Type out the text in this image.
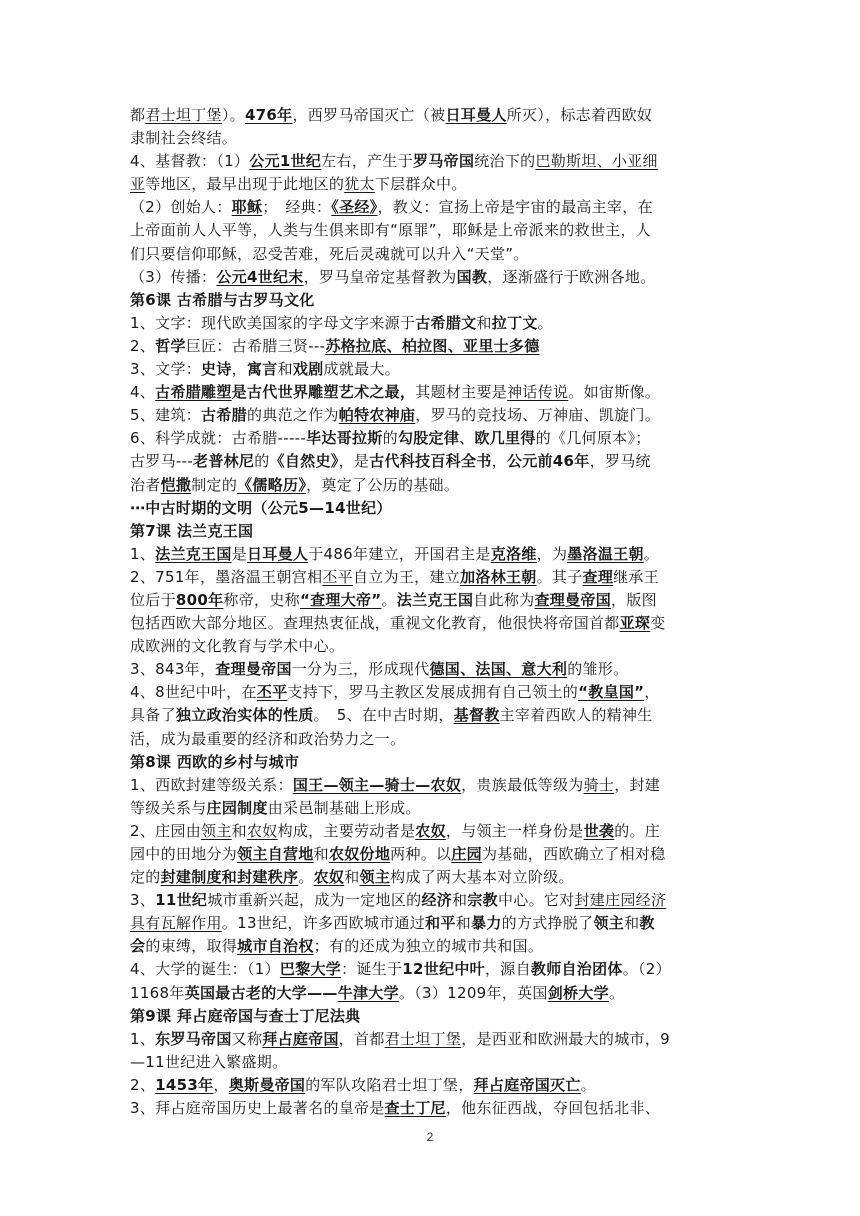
都君士坦丁堡）。476年，西罗马帝国灭亡（被日耳曼人所灭），标志着西欧奴
隶制社会终结。
4、基督教：（1）公元1世纪左右，产生于罗马帝国统治下的巴勒斯坦、小亚细
亚等地区，最早出现于此地区的犹太下层群众中。
（2）创始人：耶稣；　经典：《圣经》，教义：宣扬上帝是宇宙的最高主宰，在
上帝面前人人平等，人类与生俱来即有“原罪”，耶稣是上帝派来的救世主，人
们只要信仰耶稣，忍受苦难，死后灵魂就可以升入“天堂”。
（3）传播：公元4世纪末，罗马皇帝定基督教为国教，逐渐盛行于欧洲各地。
第6课 古希腊与古罗马文化
1、文字：现代欧美国家的字母文字来源于古希腊文和拉丁文。
2、哲学巨匠：古希腊三贤---苏格拉底、柏拉图、亚里士多德
3、文学：史诗，寓言和戏剧成就最大。
4、古希腊雕塑是古代世界雕塑艺术之最，其题材主要是神话传说。如宙斯像。
5、建筑：古希腊的典范之作为帕特农神庙，罗马的竞技场、万神庙、凯旋门。
6、科学成就：古希腊-----毕达哥拉斯的勾股定律、欧几里得的《几何原本》；
古罗马---老普林尼的《自然史》，是古代科技百科全书，公元前46年，罗马统
治者恺撒制定的《儒略历》，奠定了公历的基础。
⋯中古时期的文明（公元5—14世纪）
第7课 法兰克王国
1、法兰克王国是日耳曼人于486年建立，开国君主是克洛维，为墨洛温王朝。
2、751年，墨洛温王朝宫相丕平自立为王，建立加洛林王朝。其子查理继承王
位后于800年称帝，史称“查理大帝”。法兰克王国自此称为查理曼帝国，版图
包括西欧大部分地区。查理热衷征战，重视文化教育，他很快将帝国首都亚琛变
成欧洲的文化教育与学术中心。
3、843年，查理曼帝国一分为三，形成现代德国、法国、意大利的雏形。
4、8世纪中叶，在丕平支持下，罗马主教区发展成拥有自己领土的“教皇国”，
具备了独立政治实体的性质。　5、在中古时期，基督教主宰着西欧人的精神生
活，成为最重要的经济和政治势力之一。
第8课 西欧的乡村与城市
1、西欧封建等级关系：国王—领主—骑士—农奴，贵族最低等级为骑士，封建
等级关系与庄园制度由采邑制基础上形成。
2、庄园由领主和农奴构成，主要劳动者是农奴，与领主一样身份是世袭的。庄
园中的田地分为领主自营地和农奴份地两种。以庄园为基础，西欧确立了相对稳
定的封建制度和封建秩序。农奴和领主构成了两大基本对立阶级。
3、11世纪城市重新兴起，成为一定地区的经济和宗教中心。它对封建庄园经济
具有瓦解作用。13世纪，许多西欧城市通过和平和暴力的方式挣脱了领主和教
会的束缚，取得城市自治权；有的还成为独立的城市共和国。
4、大学的诞生：（1）巴黎大学：诞生于12世纪中叶，源自教师自治团体。（2）
1168年英国最古老的大学——牛津大学。（3）1209年，英国剑桥大学。
第9课 拜占庭帝国与查士丁尼法典
1、东罗马帝国又称拜占庭帝国，首都君士坦丁堡，是西亚和欧洲最大的城市，9
—11世纪进入繁盛期。
2、1453年，奥斯曼帝国的军队攻陷君士坦丁堡，拜占庭帝国灭亡。
3、拜占庭帝国历史上最著名的皇帝是查士丁尼，他东征西战，夺回包括北非、
2
